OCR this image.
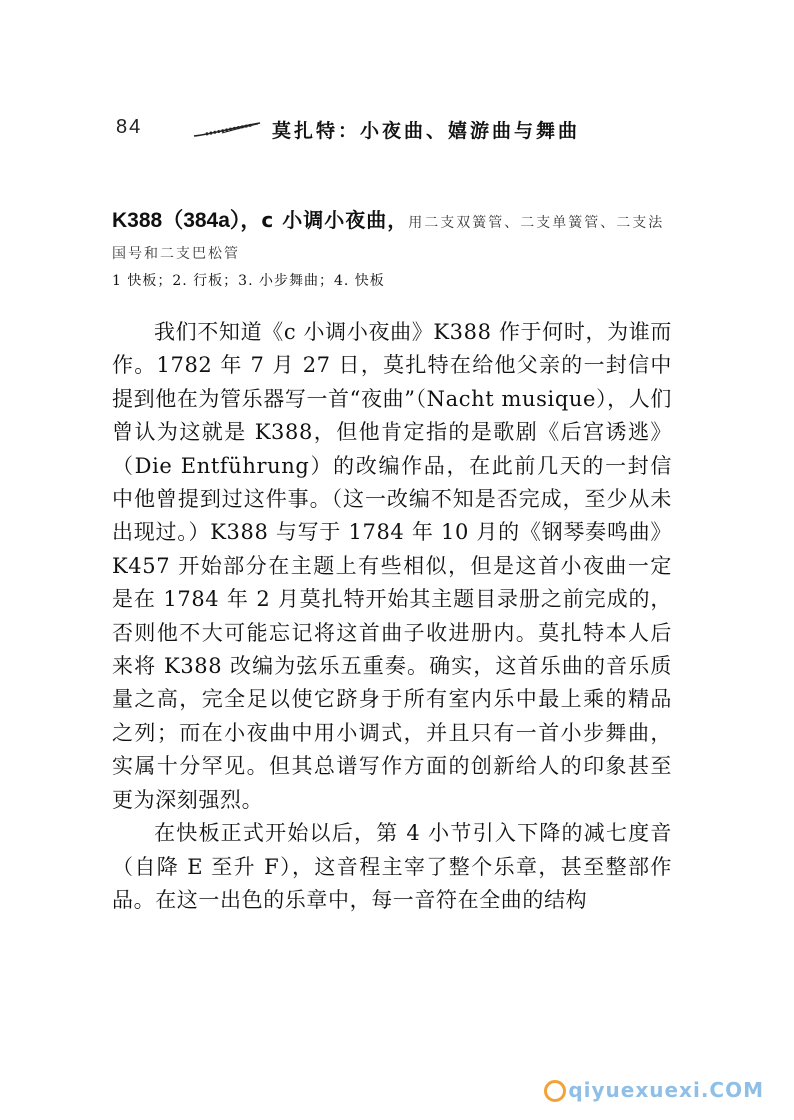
84	莫扎特：小夜曲、嬉游曲与舞曲
K388（384a），c 小调小夜曲，用二支双簧管、二支单簧管、二支法国号和二支巴松管
1 快板；2. 行板；3. 小步舞曲；4. 快板

我们不知道《c 小调小夜曲》K388 作于何时，为谁而作。1782 年 7 月 27 日，莫扎特在给他父亲的一封信中提到他在为管乐器写一首“夜曲”（Nacht musique），人们曾认为这就是 K388，但他肯定指的是歌剧《后宫诱逃》（Die Entführung）的改编作品，在此前几天的一封信中他曾提到过这件事。（这一改编不知是否完成，至少从未出现过。）K388 与写于 1784 年 10 月的《钢琴奏鸣曲》K457 开始部分在主题上有些相似，但是这首小夜曲一定是在 1784 年 2 月莫扎特开始其主题目录册之前完成的，否则他不大可能忘记将这首曲子收进册内。莫扎特本人后来将 K388 改编为弦乐五重奏。确实，这首乐曲的音乐质量之高，完全足以使它跻身于所有室内乐中最上乘的精品之列；而在小夜曲中用小调式，并且只有一首小步舞曲，实属十分罕见。但其总谱写作方面的创新给人的印象甚至更为深刻强烈。

在快板正式开始以后，第 4 小节引入下降的减七度音（自降 E 至升 F），这音程主宰了整个乐章，甚至整部作品。在这一出色的乐章中，每一音符在全曲的结构

qiyuexuexi.COM
